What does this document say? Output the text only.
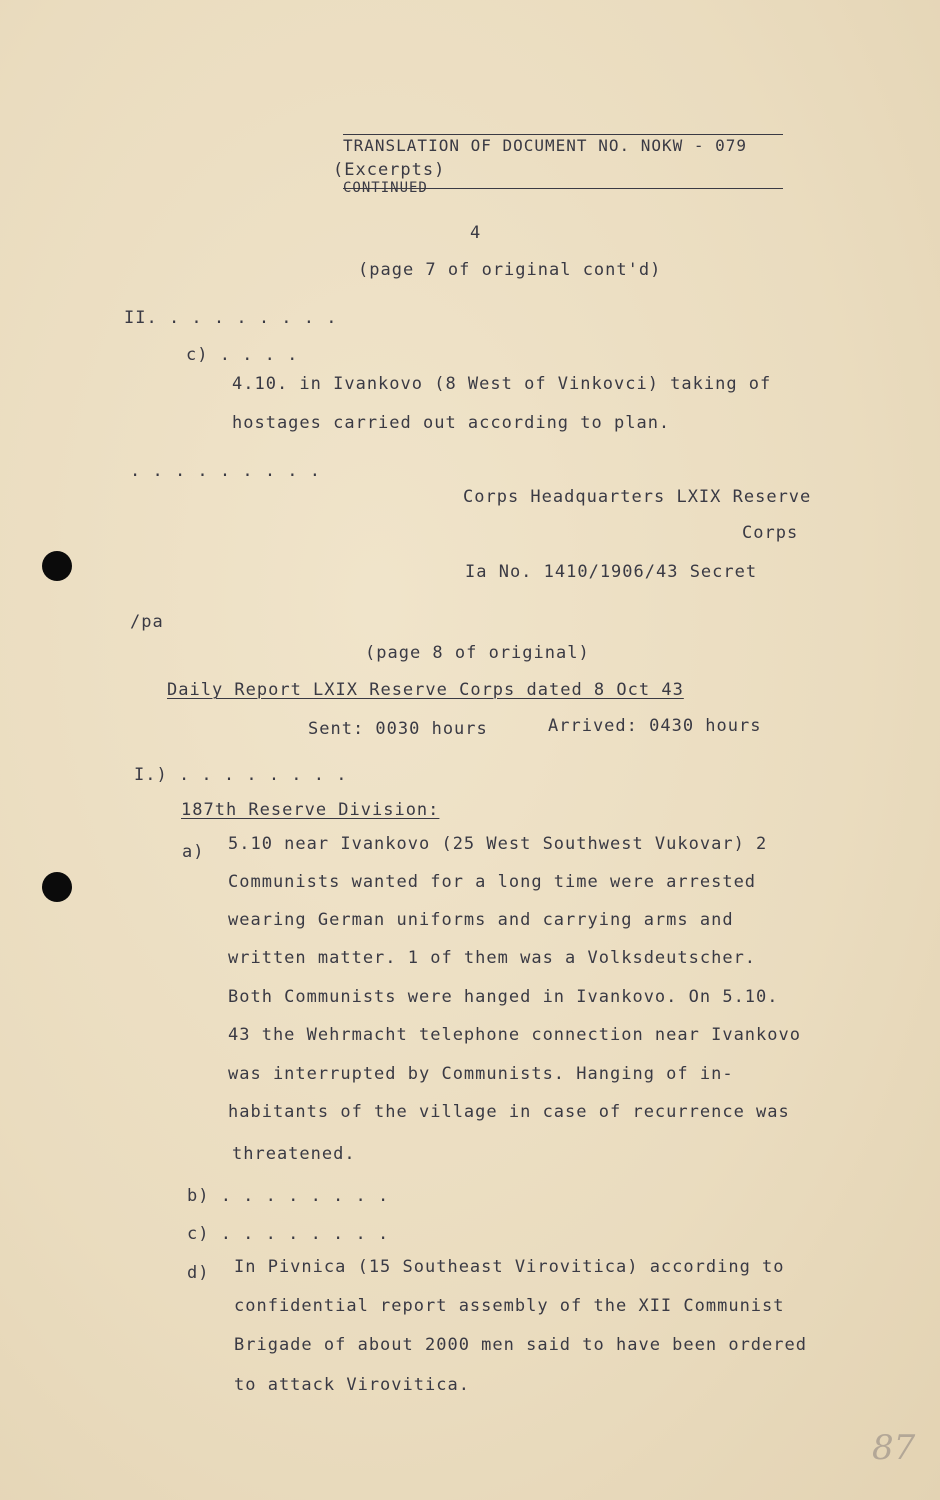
TRANSLATION OF DOCUMENT NO. NOKW - 079
(Excerpts)
CONTINUED
4
(page 7 of original cont'd)
II. . . . . . . . .
c) . . . .
4.10. in Ivankovo (8 West of Vinkovci) taking of
hostages carried out according to plan.
. . . . . . . . .
Corps Headquarters LXIX Reserve
Corps
Ia No. 1410/1906/43 Secret
/pa
(page 8 of original)
Daily Report LXIX Reserve Corps dated 8 Oct 43
Sent: 0030 hours	Arrived: 0430 hours
I.) . . . . . . . .
187th Reserve Division:
a) 5.10 near Ivankovo (25 West Southwest Vukovar) 2
Communists wanted for a long time were arrested
wearing German uniforms and carrying arms and
written matter. 1 of them was a Volksdeutscher.
Both Communists were hanged in Ivankovo. On 5.10.
43 the Wehrmacht telephone connection near Ivankovo
was interrupted by Communists. Hanging of in-
habitants of the village in case of recurrence was
threatened.
b) . . . . . . . .
c) . . . . . . . .
d) In Pivnica (15 Southeast Virovitica) according to
confidential report assembly of the XII Communist
Brigade of about 2000 men said to have been ordered
to attack Virovitica.
87
